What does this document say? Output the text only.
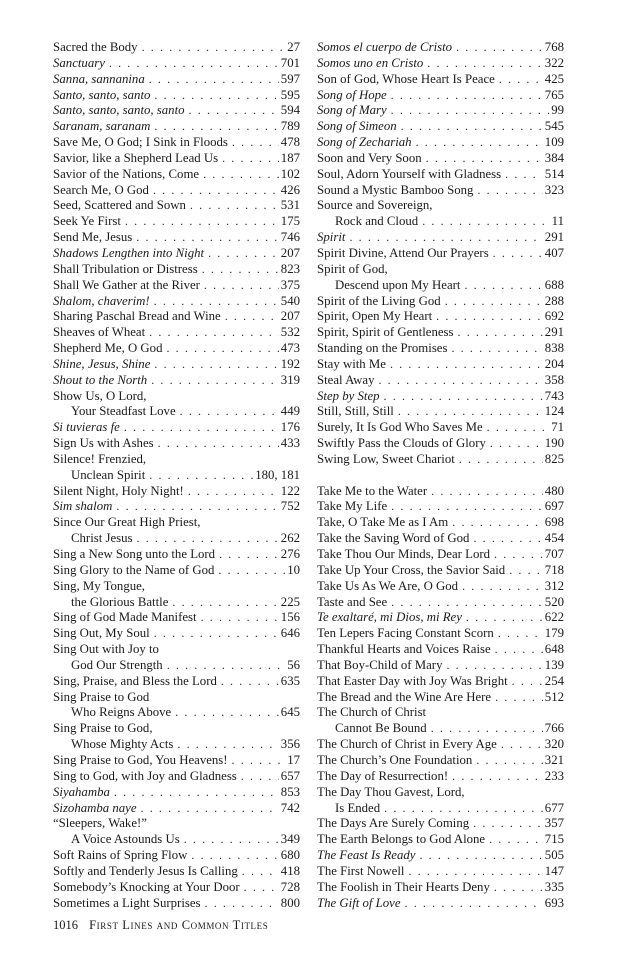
Sacred the Body . . .	27
Sanctuary . . .	701
Sanna, sannanina . . .	597
Santo, santo, santo . . .	595
Santo, santo, santo, santo . . .	594
Saranam, saranam . . .	789
Save Me, O God; I Sink in Floods . . .	478
Savior, like a Shepherd Lead Us . . .	187
Savior of the Nations, Come . . .	102
Search Me, O God . . .	426
Seed, Scattered and Sown . . .	531
Seek Ye First . . .	175
Send Me, Jesus . . .	746
Shadows Lengthen into Night . . .	207
Shall Tribulation or Distress . . .	823
Shall We Gather at the River . . .	375
Shalom, chaverim! . . .	540
Sharing Paschal Bread and Wine . . .	207
Sheaves of Wheat . . .	532
Shepherd Me, O God . . .	473
Shine, Jesus, Shine . . .	192
Shout to the North . . .	319
Show Us, O Lord,
Your Steadfast Love . . .	449
Si tuvieras fe . . .	176
Sign Us with Ashes . . .	433
Silence! Frenzied,
Unclean Spirit . . .	180, 181
Silent Night, Holy Night! . . .	122
Sim shalom . . .	752
Since Our Great High Priest,
Christ Jesus . . .	262
Sing a New Song unto the Lord . . .	276
Sing Glory to the Name of God . . .	10
Sing, My Tongue,
the Glorious Battle . . .	225
Sing of God Made Manifest . . .	156
Sing Out, My Soul . . .	646
Sing Out with Joy to
God Our Strength . . .	56
Sing, Praise, and Bless the Lord . . .	635
Sing Praise to God
Who Reigns Above . . .	645
Sing Praise to God,
Whose Mighty Acts . . .	356
Sing Praise to God, You Heavens! . . .	17
Sing to God, with Joy and Gladness . . .	657
Siyahamba . . .	853
Sizohamba naye . . .	742
“Sleepers, Wake!”
A Voice Astounds Us . . .	349
Soft Rains of Spring Flow . . .	680
Softly and Tenderly Jesus Is Calling . . .	418
Somebody’s Knocking at Your Door . . .	728
Sometimes a Light Surprises . . .	800
Somos el cuerpo de Cristo . . .	768
Somos uno en Cristo . . .	322
Son of God, Whose Heart Is Peace . . .	425
Song of Hope . . .	765
Song of Mary . . .	99
Song of Simeon . . .	545
Song of Zechariah . . .	109
Soon and Very Soon . . .	384
Soul, Adorn Yourself with Gladness . . .	514
Sound a Mystic Bamboo Song . . .	323
Source and Sovereign,
Rock and Cloud . . .	11
Spirit . . .	291
Spirit Divine, Attend Our Prayers . . .	407
Spirit of God,
Descend upon My Heart . . .	688
Spirit of the Living God . . .	288
Spirit, Open My Heart . . .	692
Spirit, Spirit of Gentleness . . .	291
Standing on the Promises . . .	838
Stay with Me . . .	204
Steal Away . . .	358
Step by Step . . .	743
Still, Still, Still . . .	124
Surely, It Is God Who Saves Me . . .	71
Swiftly Pass the Clouds of Glory . . .	190
Swing Low, Sweet Chariot . . .	825
Take Me to the Water . . .	480
Take My Life . . .	697
Take, O Take Me as I Am . . .	698
Take the Saving Word of God . . .	454
Take Thou Our Minds, Dear Lord . . .	707
Take Up Your Cross, the Savior Said . . .	718
Take Us As We Are, O God . . .	312
Taste and See . . .	520
Te exaltaré, mi Dios, mi Rey . . .	622
Ten Lepers Facing Constant Scorn . . .	179
Thankful Hearts and Voices Raise . . .	648
That Boy-Child of Mary . . .	139
That Easter Day with Joy Was Bright . . .	254
The Bread and the Wine Are Here . . .	512
The Church of Christ
Cannot Be Bound . . .	766
The Church of Christ in Every Age . . .	320
The Church’s One Foundation . . .	321
The Day of Resurrection! . . .	233
The Day Thou Gavest, Lord,
Is Ended . . .	677
The Days Are Surely Coming . . .	357
The Earth Belongs to God Alone . . .	715
The Feast Is Ready . . .	505
The First Nowell . . .	147
The Foolish in Their Hearts Deny . . .	335
The Gift of Love . . .	693
1016 First Lines and Common Titles
